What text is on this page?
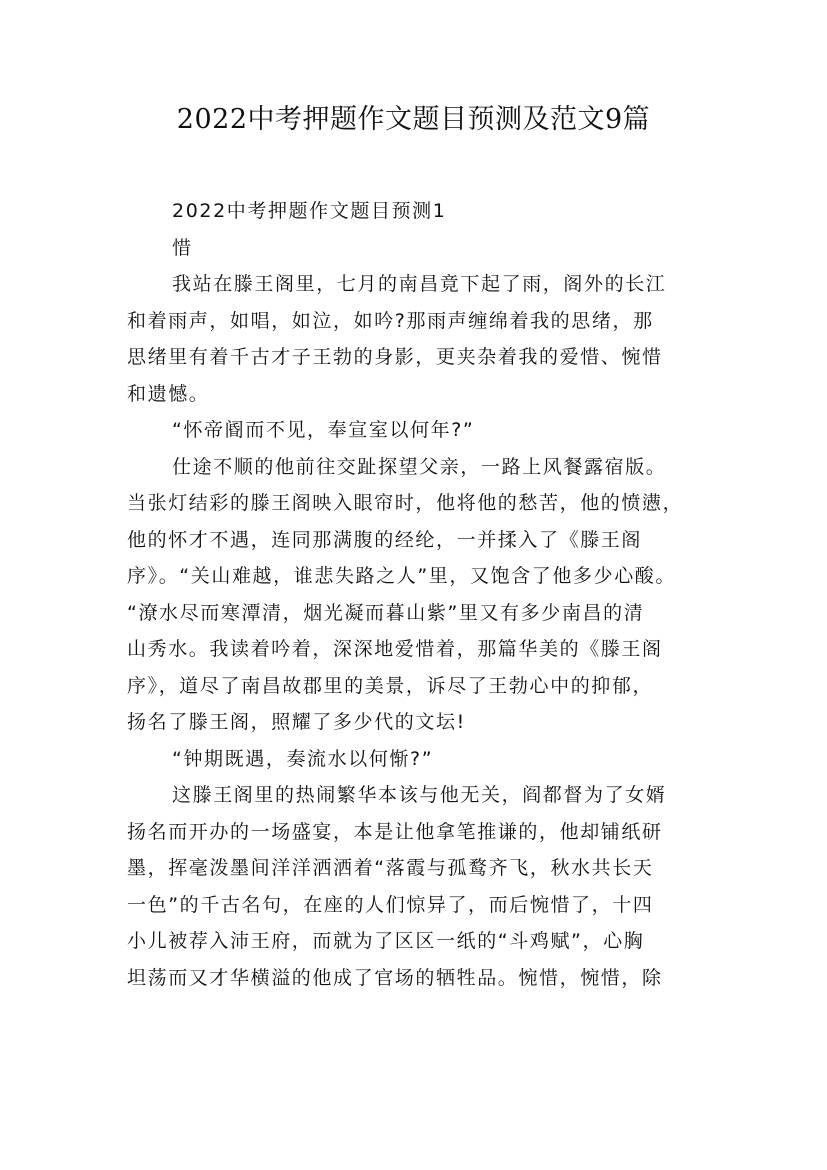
2022中考押题作文题目预测及范文9篇
2022中考押题作文题目预测1
惜
我站在滕王阁里，七月的南昌竟下起了雨，阁外的长江
和着雨声，如唱，如泣，如吟?那雨声缠绵着我的思绪，那
思绪里有着千古才子王勃的身影，更夹杂着我的爱惜、惋惜
和遗憾。
“怀帝阍而不见，奉宣室以何年?”
仕途不顺的他前往交趾探望父亲，一路上风餐露宿版。
当张灯结彩的滕王阁映入眼帘时，他将他的愁苦，他的愤懑，
他的怀才不遇，连同那满腹的经纶，一并揉入了《滕王阁
序》。“关山难越，谁悲失路之人”里，又饱含了他多少心酸。
“潦水尽而寒潭清，烟光凝而暮山紫”里又有多少南昌的清
山秀水。我读着吟着，深深地爱惜着，那篇华美的《滕王阁
序》，道尽了南昌故郡里的美景，诉尽了王勃心中的抑郁，
扬名了滕王阁，照耀了多少代的文坛!
“钟期既遇，奏流水以何惭?”
这滕王阁里的热闹繁华本该与他无关，阎都督为了女婿
扬名而开办的一场盛宴，本是让他拿笔推谦的，他却铺纸研
墨，挥毫泼墨间洋洋洒洒着“落霞与孤鹜齐飞，秋水共长天
一色”的千古名句，在座的人们惊异了，而后惋惜了，十四
小儿被荐入沛王府，而就为了区区一纸的“斗鸡赋”，心胸
坦荡而又才华横溢的他成了官场的牺牲品。惋惜，惋惜，除
